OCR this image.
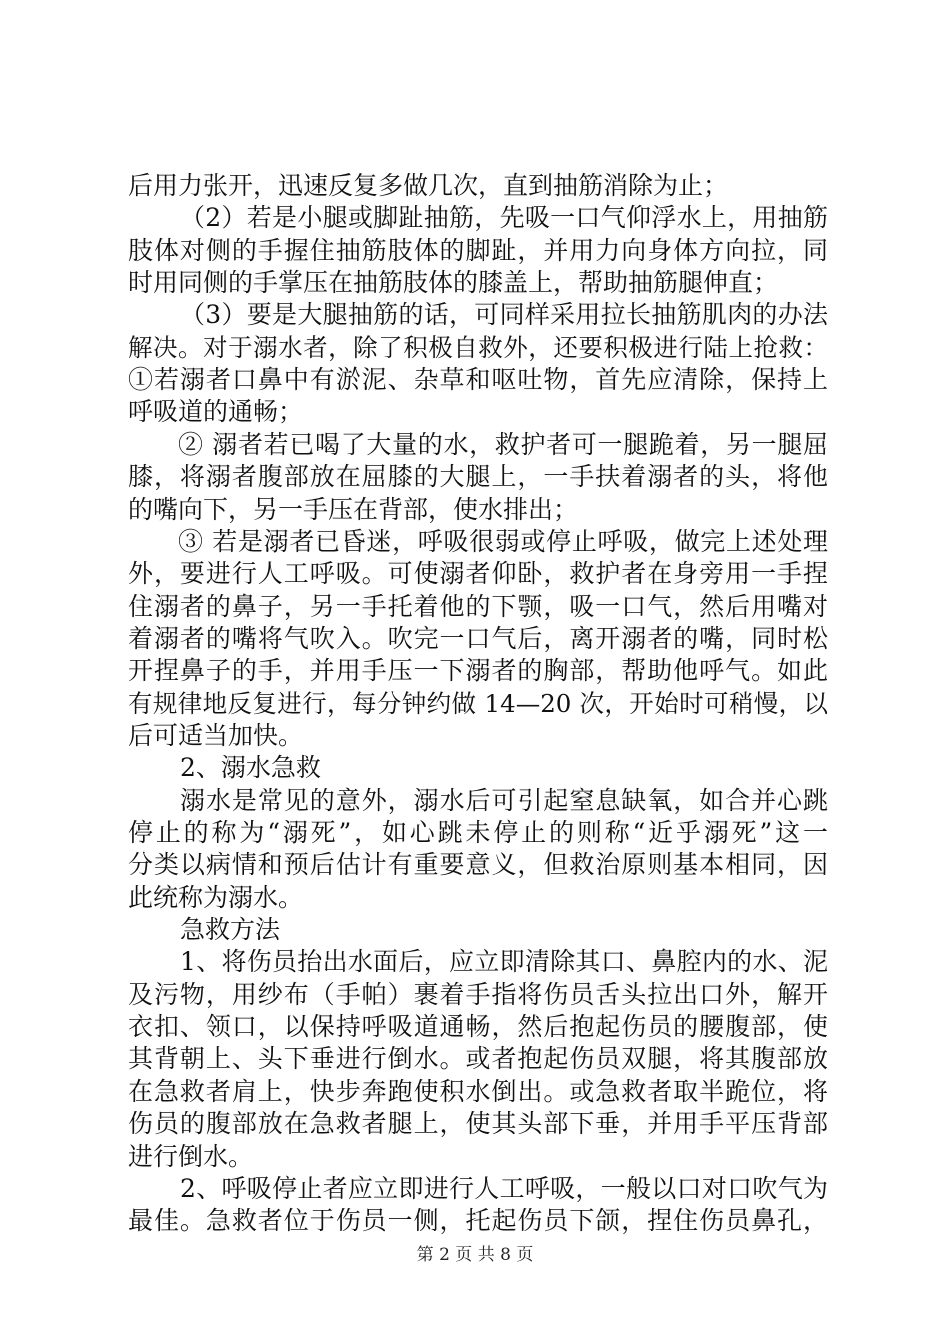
后用力张开，迅速反复多做几次，直到抽筋消除为止；
（2）若是小腿或脚趾抽筋，先吸一口气仰浮水上，用抽筋
肢体对侧的手握住抽筋肢体的脚趾，并用力向身体方向拉，同
时用同侧的手掌压在抽筋肢体的膝盖上，帮助抽筋腿伸直；
（3）要是大腿抽筋的话，可同样采用拉长抽筋肌肉的办法
解决。对于溺水者，除了积极自救外，还要积极进行陆上抢救：
①若溺者口鼻中有淤泥、杂草和呕吐物，首先应清除，保持上
呼吸道的通畅；
② 溺者若已喝了大量的水，救护者可一腿跪着，另一腿屈
膝，将溺者腹部放在屈膝的大腿上，一手扶着溺者的头，将他
的嘴向下，另一手压在背部，使水排出；
③ 若是溺者已昏迷，呼吸很弱或停止呼吸，做完上述处理
外，要进行人工呼吸。可使溺者仰卧，救护者在身旁用一手捏
住溺者的鼻子，另一手托着他的下颚，吸一口气，然后用嘴对
着溺者的嘴将气吹入。吹完一口气后，离开溺者的嘴，同时松
开捏鼻子的手，并用手压一下溺者的胸部，帮助他呼气。如此
有规律地反复进行，每分钟约做 14—20 次，开始时可稍慢，以
后可适当加快。
2、溺水急救
溺水是常见的意外，溺水后可引起窒息缺氧，如合并心跳
停止的称为“溺死”，如心跳未停止的则称“近乎溺死”这一
分类以病情和预后估计有重要意义，但救治原则基本相同，因
此统称为溺水。
急救方法
1、将伤员抬出水面后，应立即清除其口、鼻腔内的水、泥
及污物，用纱布（手帕）裹着手指将伤员舌头拉出口外，解开
衣扣、领口，以保持呼吸道通畅，然后抱起伤员的腰腹部，使
其背朝上、头下垂进行倒水。或者抱起伤员双腿，将其腹部放
在急救者肩上，快步奔跑使积水倒出。或急救者取半跪位，将
伤员的腹部放在急救者腿上，使其头部下垂，并用手平压背部
进行倒水。
2、呼吸停止者应立即进行人工呼吸，一般以口对口吹气为
最佳。急救者位于伤员一侧，托起伤员下颌，捏住伤员鼻孔，
第 2 页 共 8 页
